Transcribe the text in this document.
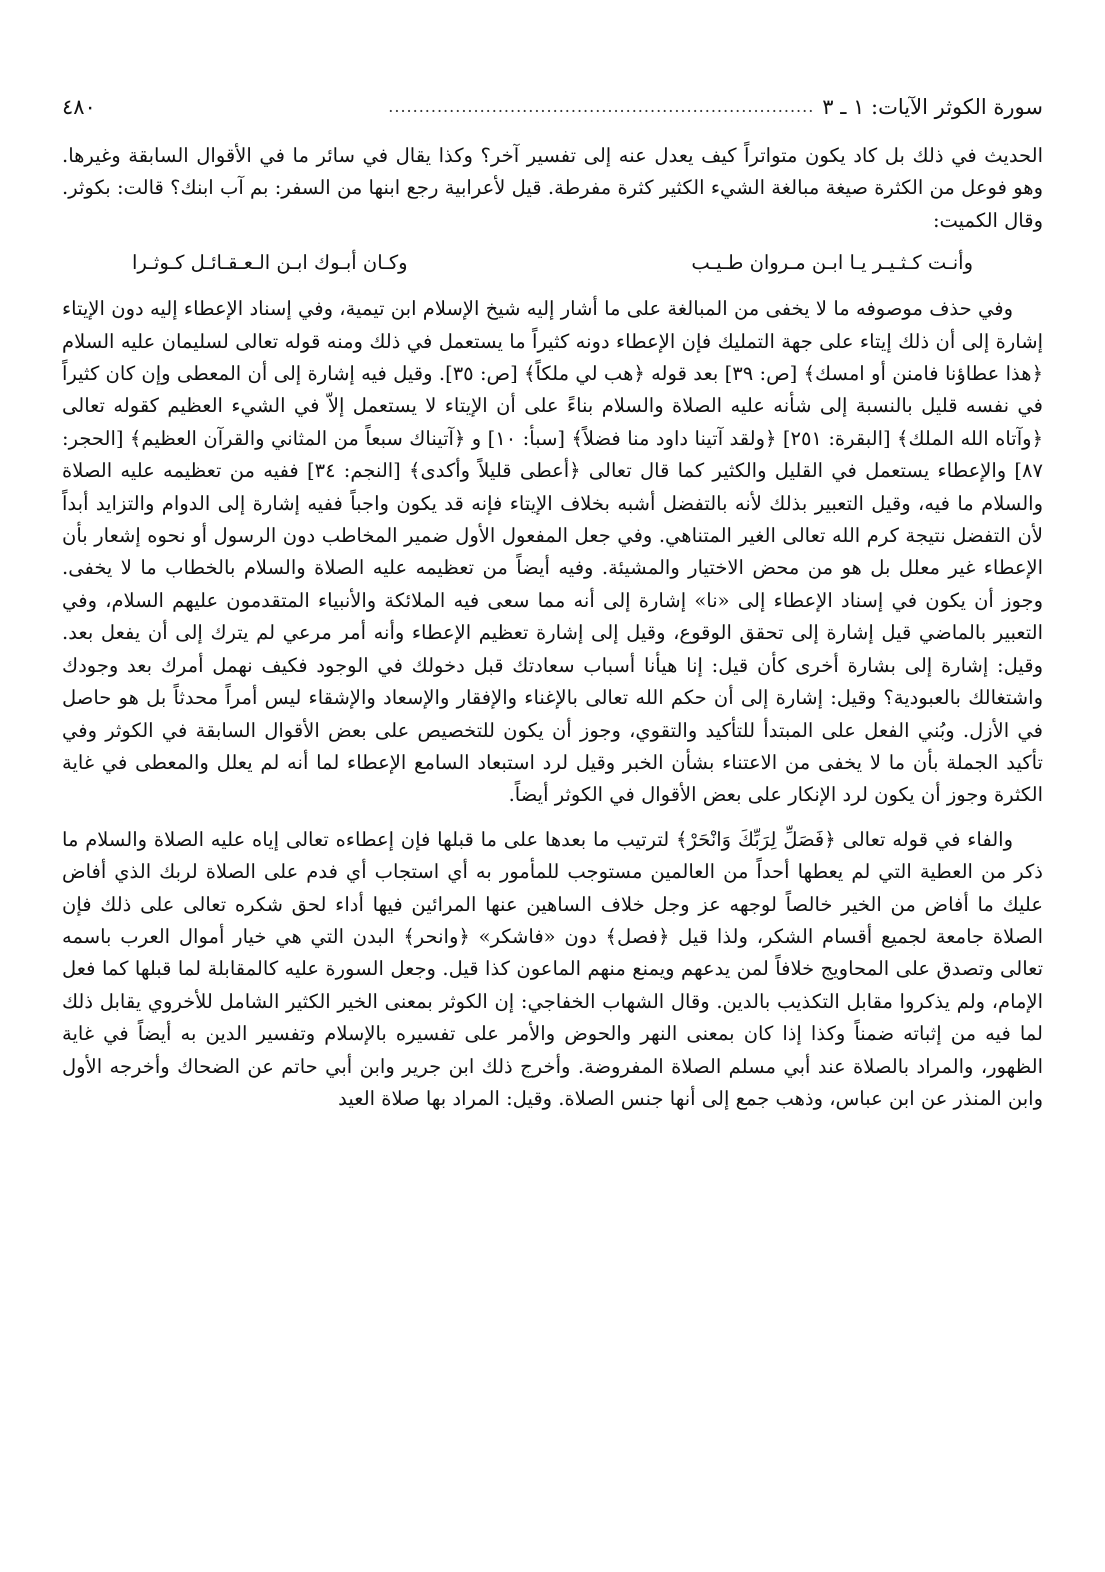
سورة الكوثر الآيات: ١ ـ ٣
......................................................................
٤٨٠

الحديث في ذلك بل كاد يكون متواتراً كيف يعدل عنه إلى تفسير آخر؟ وكذا يقال في سائر ما في الأقوال السابقة وغيرها. وهو فوعل من الكثرة صيغة مبالغة الشيء الكثير كثرة مفرطة. قيل لأعرابية رجع ابنها من السفر: بم آب ابنك؟ قالت: بكوثر. وقال الكميت:

وأنـت كـثـيـر يـا ابـن مـروان طـيـب
وكـان أبـوك ابـن الـعـقـائـل كـوثـرا

وفي حذف موصوفه ما لا يخفى من المبالغة على ما أشار إليه شيخ الإسلام ابن تيمية، وفي إسناد الإعطاء إليه دون الإيتاء إشارة إلى أن ذلك إيتاء على جهة التمليك فإن الإعطاء دونه كثيراً ما يستعمل في ذلك ومنه قوله تعالى لسليمان عليه السلام ﴿هذا عطاؤنا فامنن أو امسك﴾ [ص: ٣٩] بعد قوله ﴿هب لي ملكاً﴾ [ص: ٣٥]. وقيل فيه إشارة إلى أن المعطى وإن كان كثيراً في نفسه قليل بالنسبة إلى شأنه عليه الصلاة والسلام بناءً على أن الإيتاء لا يستعمل إلاّ في الشيء العظيم كقوله تعالى ﴿وآتاه الله الملك﴾ [البقرة: ٢٥١] ﴿ولقد آتينا داود منا فضلاً﴾ [سبأ: ١٠] و ﴿آتيناك سبعاً من المثاني والقرآن العظيم﴾ [الحجر: ٨٧] والإعطاء يستعمل في القليل والكثير كما قال تعالى ﴿أعطى قليلاً وأكدى﴾ [النجم: ٣٤] ففيه من تعظيمه عليه الصلاة والسلام ما فيه، وقيل التعبير بذلك لأنه بالتفضل أشبه بخلاف الإيتاء فإنه قد يكون واجباً ففيه إشارة إلى الدوام والتزايد أبداً لأن التفضل نتيجة كرم الله تعالى الغير المتناهي. وفي جعل المفعول الأول ضمير المخاطب دون الرسول أو نحوه إشعار بأن الإعطاء غير معلل بل هو من محض الاختيار والمشيئة. وفيه أيضاً من تعظيمه عليه الصلاة والسلام بالخطاب ما لا يخفى. وجوز أن يكون في إسناد الإعطاء إلى «نا» إشارة إلى أنه مما سعى فيه الملائكة والأنبياء المتقدمون عليهم السلام، وفي التعبير بالماضي قيل إشارة إلى تحقق الوقوع، وقيل إلى إشارة تعظيم الإعطاء وأنه أمر مرعي لم يترك إلى أن يفعل بعد. وقيل: إشارة إلى بشارة أخرى كأن قيل: إنا هيأنا أسباب سعادتك قبل دخولك في الوجود فكيف نهمل أمرك بعد وجودك واشتغالك بالعبودية؟ وقيل: إشارة إلى أن حكم الله تعالى بالإغناء والإفقار والإسعاد والإشقاء ليس أمراً محدثاً بل هو حاصل في الأزل. وبُني الفعل على المبتدأ للتأكيد والتقوي، وجوز أن يكون للتخصيص على بعض الأقوال السابقة في الكوثر وفي تأكيد الجملة بأن ما لا يخفى من الاعتناء بشأن الخبر وقيل لرد استبعاد السامع الإعطاء لما أنه لم يعلل والمعطى في غاية الكثرة وجوز أن يكون لرد الإنكار على بعض الأقوال في الكوثر أيضاً.

والفاء في قوله تعالى ﴿فَصَلِّ لِرَبِّكَ وَانْحَرْ﴾ لترتيب ما بعدها على ما قبلها فإن إعطاءه تعالى إياه عليه الصلاة والسلام ما ذكر من العطية التي لم يعطها أحداً من العالمين مستوجب للمأمور به أي استجاب أي فدم على الصلاة لربك الذي أفاض عليك ما أفاض من الخير خالصاً لوجهه عز وجل خلاف الساهين عنها المرائين فيها أداء لحق شكره تعالى على ذلك فإن الصلاة جامعة لجميع أقسام الشكر، ولذا قيل ﴿فصل﴾ دون «فاشكر» ﴿وانحر﴾ البدن التي هي خيار أموال العرب باسمه تعالى وتصدق على المحاويج خلافاً لمن يدعهم ويمنع منهم الماعون كذا قيل. وجعل السورة عليه كالمقابلة لما قبلها كما فعل الإمام، ولم يذكروا مقابل التكذيب بالدين. وقال الشهاب الخفاجي: إن الكوثر بمعنى الخير الكثير الشامل للأخروي يقابل ذلك لما فيه من إثباته ضمناً وكذا إذا كان بمعنى النهر والحوض والأمر على تفسيره بالإسلام وتفسير الدين به أيضاً في غاية الظهور، والمراد بالصلاة عند أبي مسلم الصلاة المفروضة. وأخرج ذلك ابن جرير وابن أبي حاتم عن الضحاك وأخرجه الأول وابن المنذر عن ابن عباس، وذهب جمع إلى أنها جنس الصلاة. وقيل: المراد بها صلاة العيد
